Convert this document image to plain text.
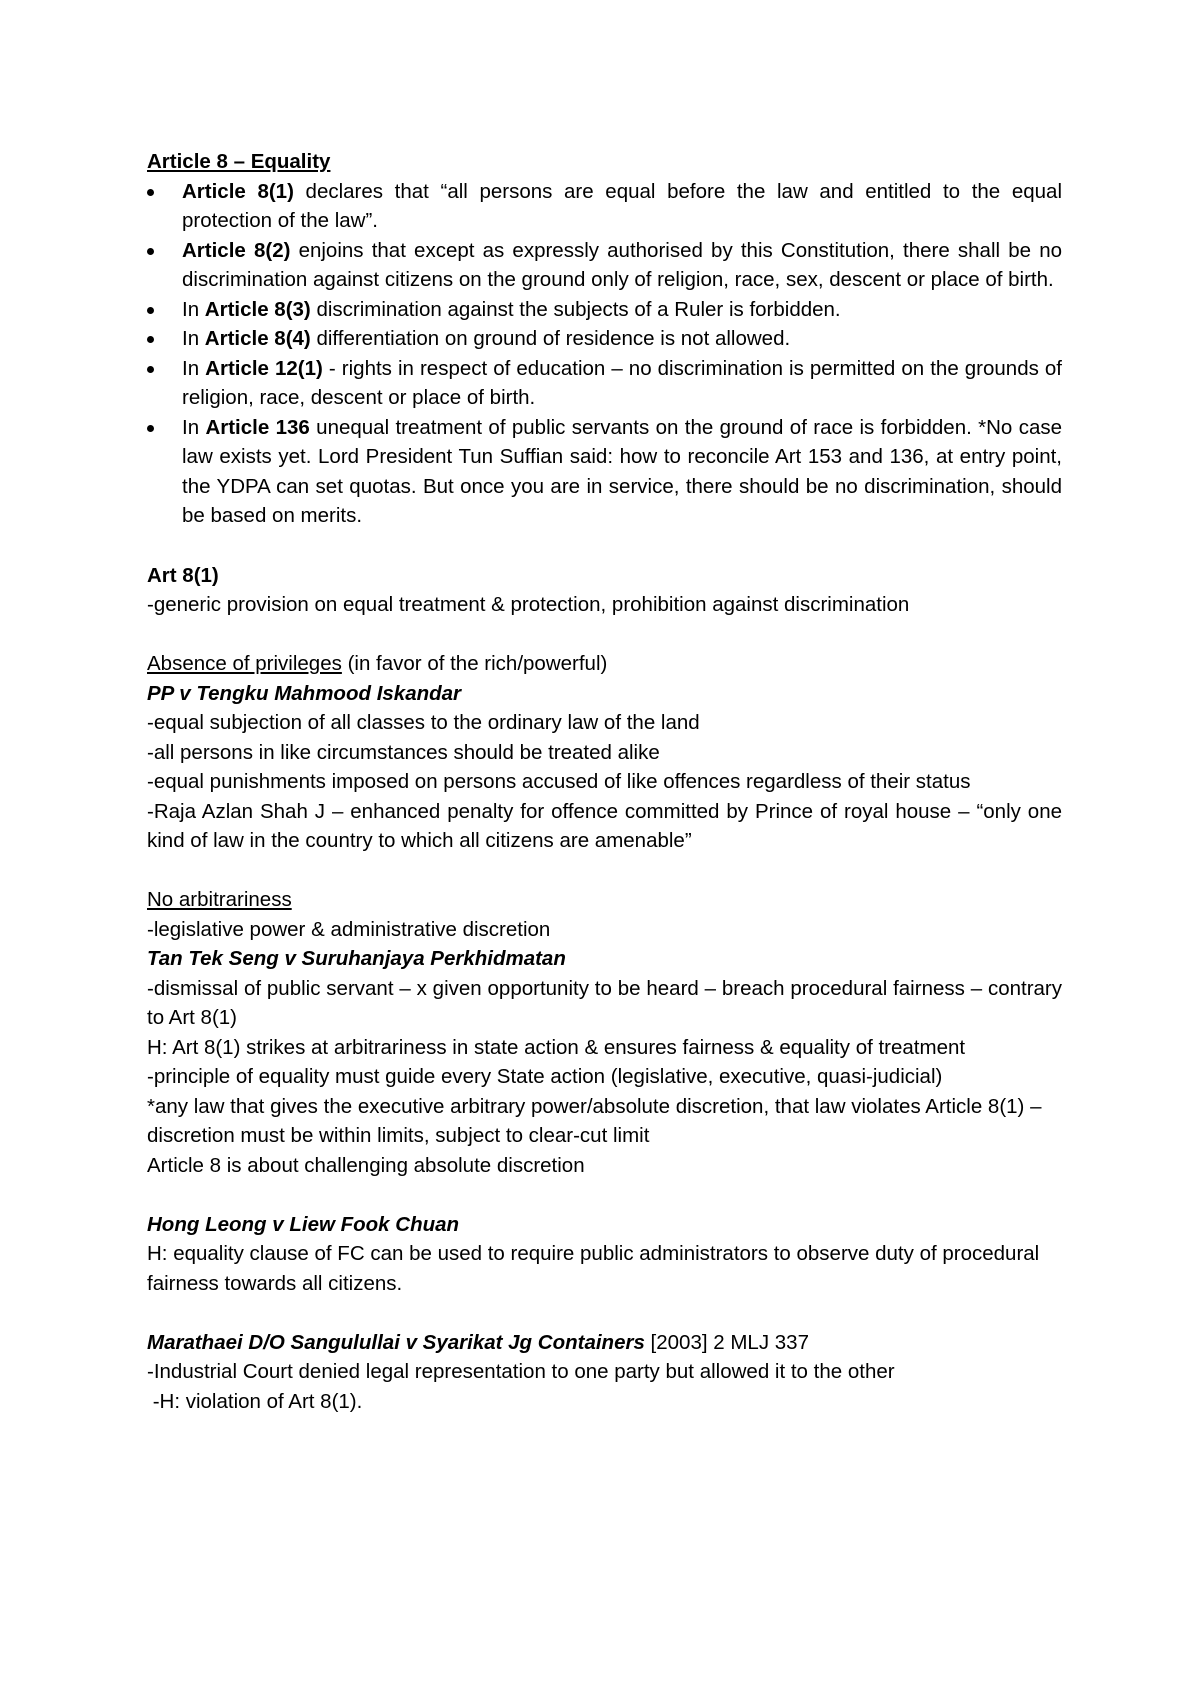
Article 8 – Equality

Article 8(1) declares that “all persons are equal before the law and entitled to the equal protection of the law”.
Article 8(2) enjoins that except as expressly authorised by this Constitution, there shall be no discrimination against citizens on the ground only of religion, race, sex, descent or place of birth.
In Article 8(3) discrimination against the subjects of a Ruler is forbidden.
In Article 8(4) differentiation on ground of residence is not allowed.
In Article 12(1) - rights in respect of education – no discrimination is permitted on the grounds of religion, race, descent or place of birth.
In Article 136 unequal treatment of public servants on the ground of race is forbidden. *No case law exists yet. Lord President Tun Suffian said: how to reconcile Art 153 and 136, at entry point, the YDPA can set quotas. But once you are in service, there should be no discrimination, should be based on merits.

Art 8(1)

-generic provision on equal treatment & protection, prohibition against discrimination

Absence of privileges (in favor of the rich/powerful)

PP v Tengku Mahmood Iskandar

-equal subjection of all classes to the ordinary law of the land

-all persons in like circumstances should be treated alike

-equal punishments imposed on persons accused of like offences regardless of their status

-Raja Azlan Shah J – enhanced penalty for offence committed by Prince of royal house – “only one kind of law in the country to which all citizens are amenable”

No arbitrariness

-legislative power & administrative discretion

Tan Tek Seng v Suruhanjaya Perkhidmatan

-dismissal of public servant – x given opportunity to be heard – breach procedural fairness – contrary to Art 8(1)

H: Art 8(1) strikes at arbitrariness in state action & ensures fairness & equality of treatment

-principle of equality must guide every State action (legislative, executive, quasi-judicial)

*any law that gives the executive arbitrary power/absolute discretion, that law violates Article 8(1) – discretion must be within limits, subject to clear-cut limit

Article 8 is about challenging absolute discretion

Hong Leong v Liew Fook Chuan

H: equality clause of FC can be used to require public administrators to observe duty of procedural fairness towards all citizens.

Marathaei D/O Sangulullai v Syarikat Jg Containers [2003] 2 MLJ 337

-Industrial Court denied legal representation to one party but allowed it to the other

-H: violation of Art 8(1).
